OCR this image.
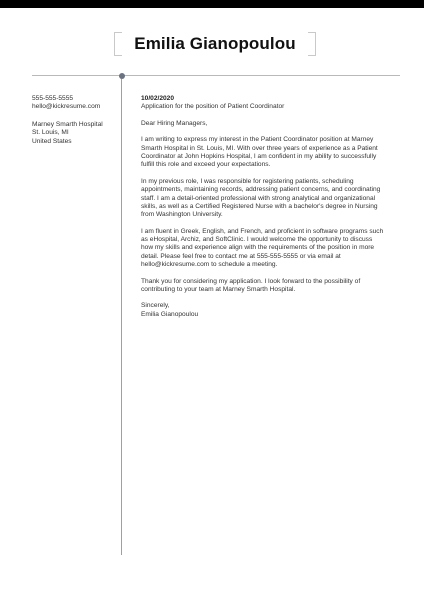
Emilia Gianopoulou
555-555-5555
hello@kickresume.com
Marney Smarth Hospital
St. Louis, MI
United States
10/02/2020
Application for the position of Patient Coordinator
Dear Hiring Managers,
I am writing to express my interest in the Patient Coordinator position at Marney
Smarth Hospital in St. Louis, MI. With over three years of experience as a Patient
Coordinator at John Hopkins Hospital, I am confident in my ability to successfully
fulfill this role and exceed your expectations.
In my previous role, I was responsible for registering patients, scheduling
appointments, maintaining records, addressing patient concerns, and coordinating
staff. I am a detail-oriented professional with strong analytical and organizational
skills, as well as a Certified Registered Nurse with a bachelor's degree in Nursing
from Washington University.
I am fluent in Greek, English, and French, and proficient in software programs such
as eHospital, Archiz, and SoftClinic. I would welcome the opportunity to discuss
how my skills and experience align with the requirements of the position in more
detail. Please feel free to contact me at 555-555-5555 or via email at
hello@kickresume.com to schedule a meeting.
Thank you for considering my application. I look forward to the possibility of
contributing to your team at Marney Smarth Hospital.
Sincerely,
Emilia Gianopoulou
